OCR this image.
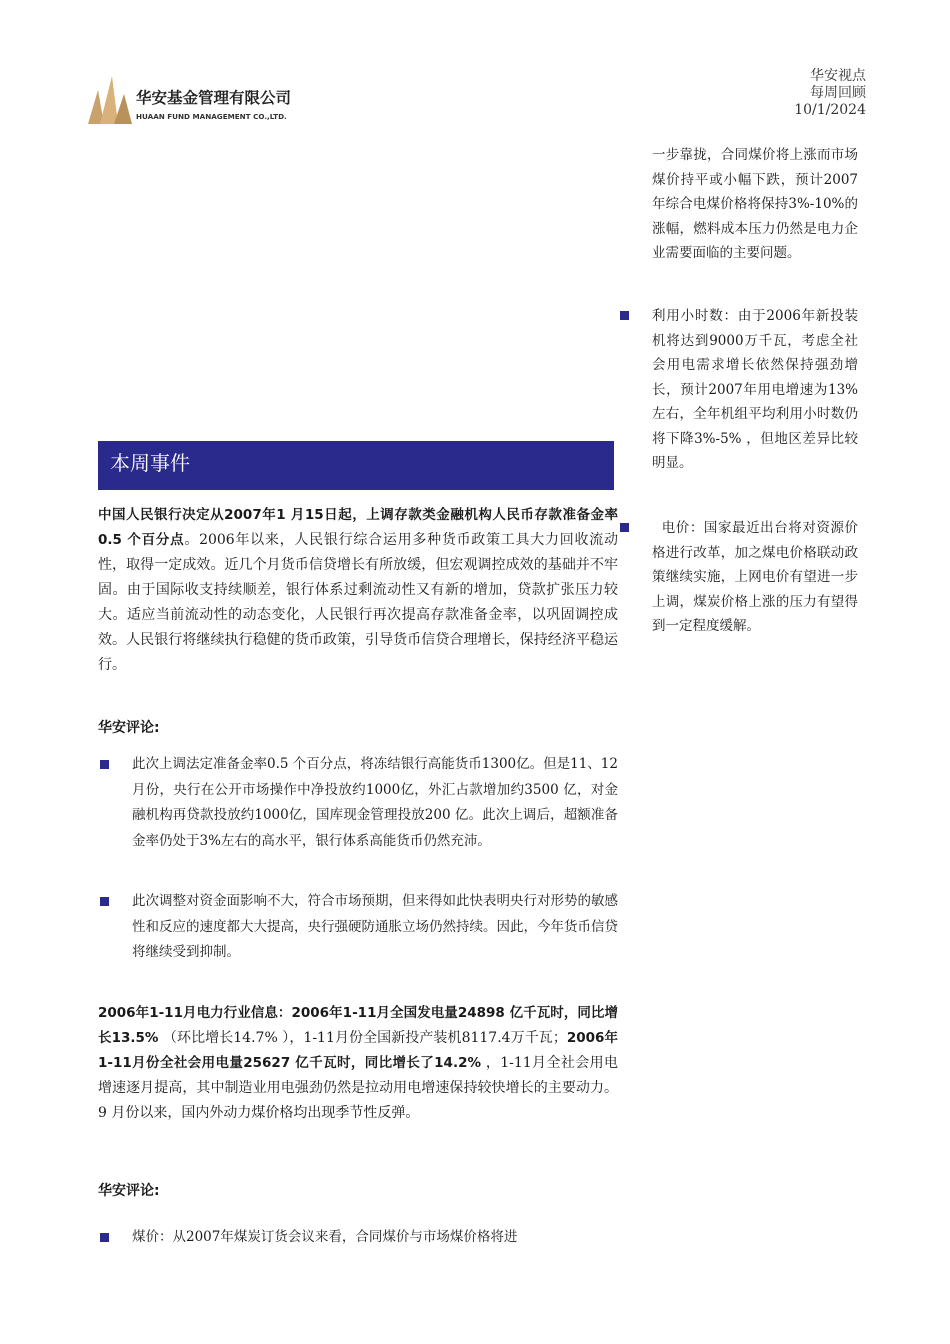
华安基金管理有限公司
HUAAN FUND MANAGEMENT CO.,LTD.
华安视点
每周回顾
10/1/2024
本周事件

中国人民银行决定从2007年1 月15日起，上调存款类金融机构人民币存款准备金率0.5 个百分点。2006年以来，人民银行综合运用多种货币政策工具大力回收流动性，取得一定成效。近几个月货币信贷增长有所放缓，但宏观调控成效的基础并不牢固。由于国际收支持续顺差，银行体系过剩流动性又有新的增加，贷款扩张压力较大。适应当前流动性的动态变化，人民银行再次提高存款准备金率，以巩固调控成效。人民银行将继续执行稳健的货币政策，引导货币信贷合理增长，保持经济平稳运行。

华安评论:
此次上调法定准备金率0.5 个百分点，将冻结银行高能货币1300亿。但是11、12 月份，央行在公开市场操作中净投放约1000亿，外汇占款增加约3500 亿，对金融机构再贷款投放约1000亿，国库现金管理投放200 亿。此次上调后，超额准备金率仍处于3%左右的高水平，银行体系高能货币仍然充沛。
此次调整对资金面影响不大，符合市场预期，但来得如此快表明央行对形势的敏感性和反应的速度都大大提高，央行强硬防通胀立场仍然持续。因此，今年货币信贷将继续受到抑制。

2006年1-11月电力行业信息：2006年1-11月全国发电量24898 亿千瓦时，同比增长13.5% （环比增长14.7% ），1-11月份全国新投产装机8117.4万千瓦；2006年1-11月份全社会用电量25627 亿千瓦时，同比增长了14.2% ，1-11月全社会用电增速逐月提高，其中制造业用电强劲仍然是拉动用电增速保持较快增长的主要动力。9 月份以来，国内外动力煤价格均出现季节性反弹。

华安评论:
煤价：从2007年煤炭订货会议来看，合同煤价与市场煤价格将进
一步靠拢，合同煤价将上涨而市场煤价持平或小幅下跌，预计2007年综合电煤价格将保持3%-10%的涨幅，燃料成本压力仍然是电力企业需要面临的主要问题。
利用小时数：由于2006年新投装机将达到9000万千瓦，考虑全社会用电需求增长依然保持强劲增长，预计2007年用电增速为13% 左右，全年机组平均利用小时数仍将下降3%-5% ，但地区差异比较明显。
电价：国家最近出台将对资源价格进行改革，加之煤电价格联动政策继续实施，上网电价有望进一步上调，煤炭价格上涨的压力有望得到一定程度缓解。
